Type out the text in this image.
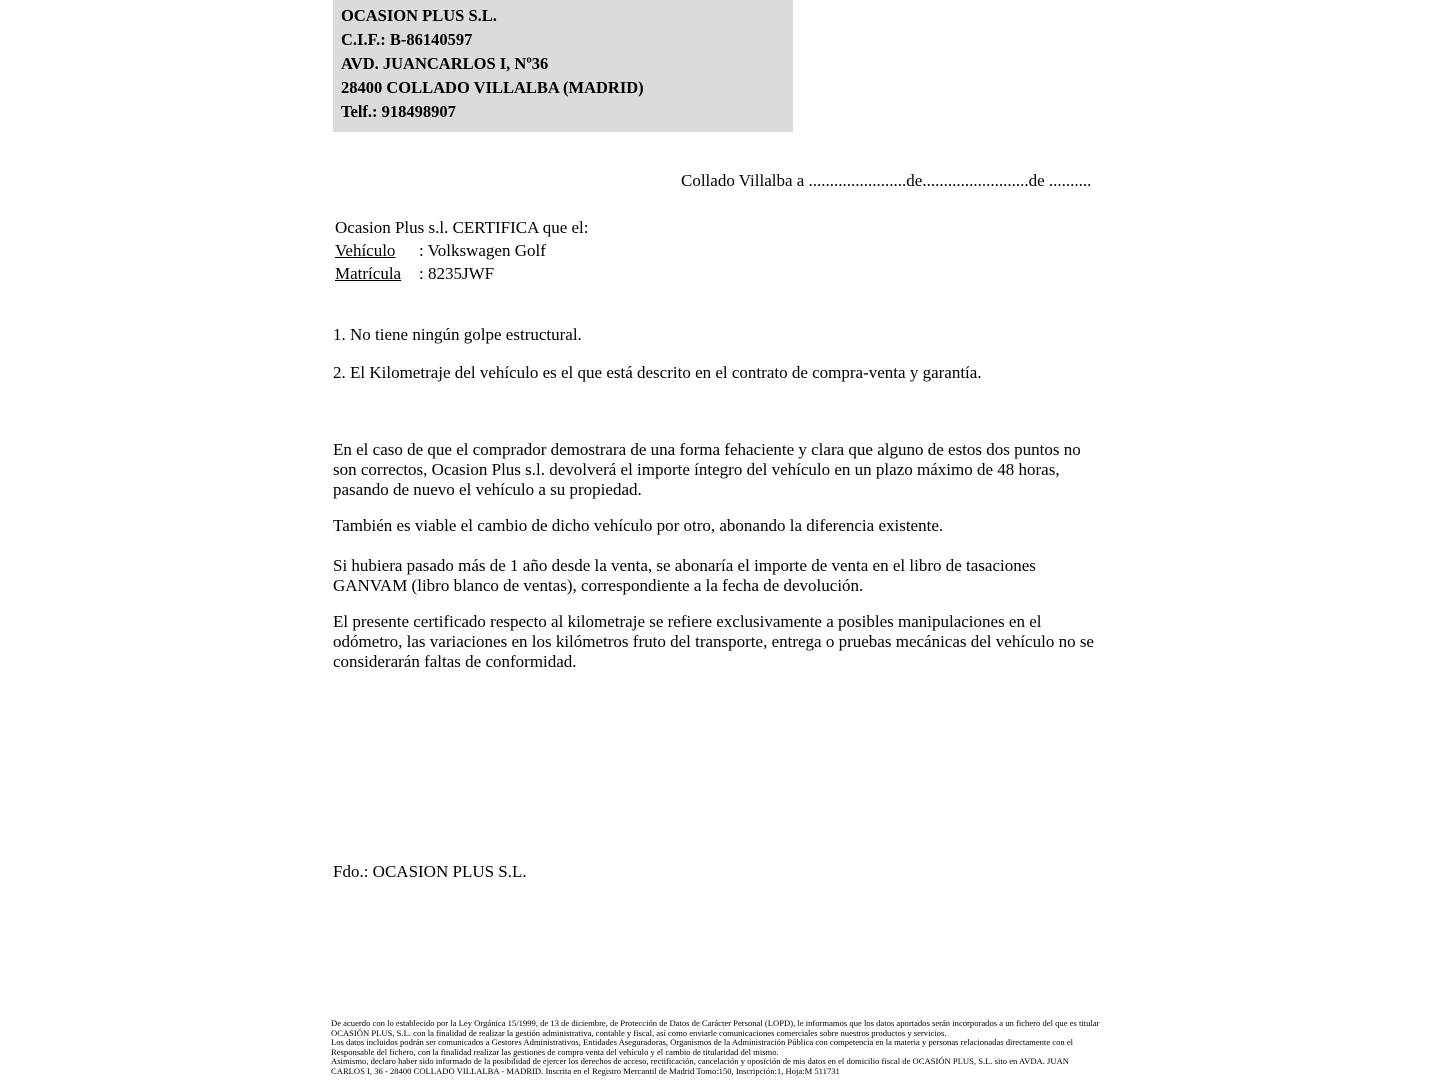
OCASION PLUS S.L.
C.I.F.: B-86140597
AVD. JUANCARLOS I, Nº36
28400 COLLADO VILLALBA (MADRID)
Telf.: 918498907
Collado Villalba a .......................de.........................de ..........
Ocasion Plus s.l. CERTIFICA que el:
Vehículo : Volkswagen Golf
Matrícula : 8235JWF
1. No tiene ningún golpe estructural.
2. El Kilometraje del vehículo es el que está descrito en el contrato de compra-venta y garantía.
En el caso de que el comprador demostrara de una forma fehaciente y clara que alguno de estos dos puntos no son correctos, Ocasion Plus s.l. devolverá el importe íntegro del vehículo en un plazo máximo de 48 horas, pasando de nuevo el vehículo a su propiedad.
También es viable el cambio de dicho vehículo por otro, abonando la diferencia existente.
Si hubiera pasado más de 1 año desde la venta, se abonaría el importe de venta en el libro de tasaciones GANVAM (libro blanco de ventas), correspondiente a la fecha de devolución.
El presente certificado respecto al kilometraje se refiere exclusivamente a posibles manipulaciones en el odómetro, las variaciones en los kilómetros fruto del transporte, entrega o pruebas mecánicas del vehículo no se considerarán faltas de conformidad.
Fdo.: OCASION PLUS S.L.

De acuerdo con lo establecido por la Ley Orgánica 15/1999, de 13 de diciembre, de Protección de Datos de Carácter Personal (LOPD), le informamos que los datos aportados serán incorporados a un fichero del que es titular OCASIÓN PLUS, S.L. con la finalidad de realizar la gestión administrativa, contable y fiscal, así como enviarle comunicaciones comerciales sobre nuestros productos y servicios.

Los datos incluidos podrán ser comunicados a Gestores Administrativos, Entidades Aseguradoras, Organismos de la Administración Pública con competencia en la materia y personas relacionadas directamente con el Responsable del fichero, con la finalidad realizar las gestiones de compra venta del vehículo y el cambio de titularidad del mismo.

Asimismo, declaro haber sido informado de la posibilidad de ejercer los derechos de acceso, rectificación, cancelación y oposición de mis datos en el domicilio fiscal de OCASIÓN PLUS, S.L. sito en AVDA. JUAN CARLOS I, 36 - 28400 COLLADO VILLALBA - MADRID. Inscrita en el Registro Mercantil de Madrid Tomo:150, Inscripción:1, Hoja:M 511731
